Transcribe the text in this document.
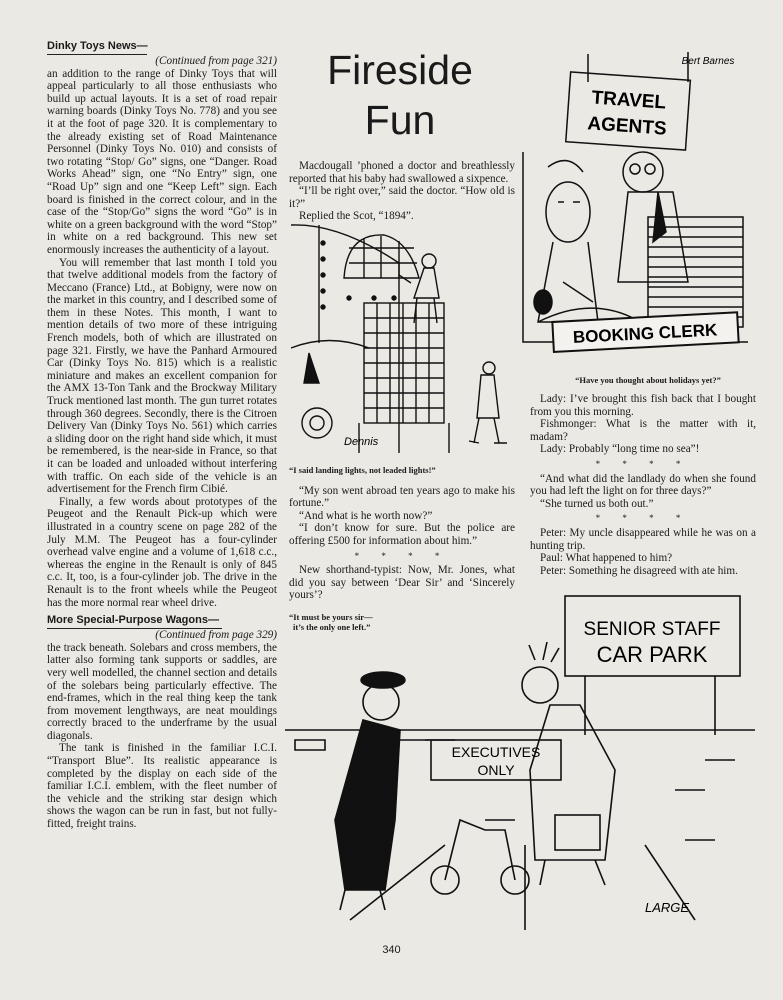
Dinky Toys News—

(Continued from page 321)

an addition to the range of Dinky Toys that will appeal particularly to all those enthusiasts who build up actual layouts. It is a set of road repair warning boards (Dinky Toys No. 778) and you see it at the foot of page 320. It is complementary to the already existing set of Road Maintenance Personnel (Dinky Toys No. 010) and consists of two rotating “Stop/ Go” signs, one “Danger. Road Works Ahead” sign, one “No Entry” sign, one “Road Up” sign and one “Keep Left” sign. Each board is finished in the correct colour, and in the case of the “Stop/Go” signs the word “Go” is in white on a green background with the word “Stop” in white on a red background. This new set enormously increases the authenticity of a layout.

You will remember that last month I told you that twelve additional models from the factory of Meccano (France) Ltd., at Bobigny, were now on the market in this country, and I described some of them in these Notes. This month, I want to mention details of two more of these intriguing French models, both of which are illustrated on page 321. Firstly, we have the Panhard Armoured Car (Dinky Toys No. 815) which is a realistic miniature and makes an excellent companion for the AMX 13-Ton Tank and the Brockway Military Truck mentioned last month. The gun turret rotates through 360 degrees. Secondly, there is the Citroen Delivery Van (Dinky Toys No. 561) which carries a sliding door on the right hand side which, it must be remembered, is the near-side in France, so that it can be loaded and unloaded without interfering with traffic. On each side of the vehicle is an advertisement for the French firm Cibié.

Finally, a few words about prototypes of the Peugeot and the Renault Pick-up which were illustrated in a country scene on page 282 of the July M.M. The Peugeot has a four-cylinder overhead valve engine and a volume of 1,618 c.c., whereas the engine in the Renault is only of 845 c.c. It, too, is a four-cylinder job. The drive in the Renault is to the front wheels while the Peugeot has the more normal rear wheel drive.

More Special-Purpose Wagons—

(Continued from page 329)

the track beneath. Solebars and cross members, the latter also forming tank supports or saddles, are very well modelled, the channel section and details of the solebars being particularly effective. The end-frames, which in the real thing keep the tank from movement lengthways, are neat mouldings correctly braced to the underframe by the usual diagonals.

The tank is finished in the familiar I.C.I. “Transport Blue”. Its realistic appearance is completed by the display on each side of the familiar I.C.I. emblem, with the fleet number of the vehicle and the striking star design which shows the wagon can be run in fast, but not fully-fitted, freight trains.

Fireside
Fun

Macdougall ’phoned a doctor and breathlessly reported that his baby had swallowed a sixpence.

“I’ll be right over,” said the doctor. “How old is it?”

Replied the Scot, “1894”.

Dennis

“I said landing lights, not leaded lights!”

“My son went abroad ten years ago to make his fortune.”

“And what is he worth now?”

“I don’t know for sure. But the police are offering £500 for information about him.”

* * * *

New shorthand-typist: Now, Mr. Jones, what did you say between ‘Dear Sir’ and ‘Sincerely yours’?

“It must be yours sir—
it’s the only one left.”
TRAVEL
AGENTS
BOOKING CLERK
Bert Barnes
“Have you thought about holidays yet?”

Lady: I’ve brought this fish back that I bought from you this morning.

Fishmonger: What is the matter with it, madam?

Lady: Probably “long time no sea”!

* * * *

“And what did the landlady do when she found you had left the light on for three days?”

“She turned us both out.”

* * * *

Peter: My uncle disappeared while he was on a hunting trip.

Paul: What happened to him?

Peter: Something he disagreed with ate him.

SENIOR STAFF
CAR PARK
EXECUTIVES
ONLY
LARGE
340
